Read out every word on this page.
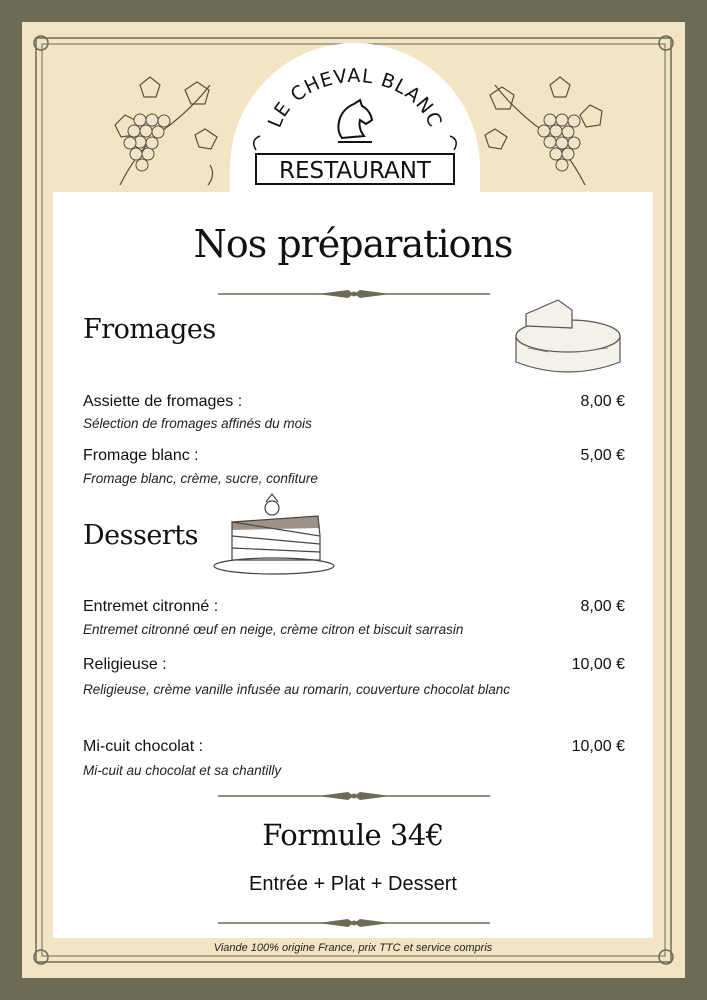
LE CHEVAL BLANC
RESTAURANT
Nos préparations
Fromages
Assiette de fromages :	8,00 €
Sélection de fromages affinés du mois
Fromage blanc :	5,00 €
Fromage blanc, crème, sucre, confiture
Desserts
Entremet citronné :	8,00 €
Entremet citronné œuf en neige, crème citron et biscuit sarrasin
Religieuse :	10,00 €
Religieuse, crème vanille infusée au romarin, couverture chocolat blanc
Mi-cuit chocolat :	10,00 €
Mi-cuit au chocolat et sa chantilly
Formule 34€
Entrée + Plat + Dessert
Viande 100% origine France, prix TTC et service compris
